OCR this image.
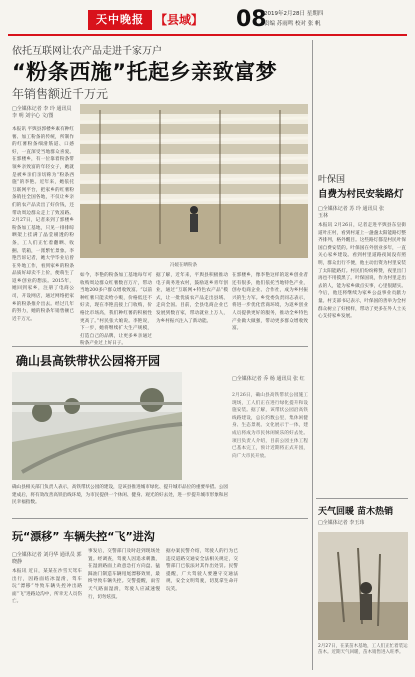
天中晚报 【县域】 08
2019年2月28日 星期四
责编 苏雨鸣 校对 张 帆
依托互联网让农产品走进千家万户
“粉条西施”托起乡亲致富梦
年销售额近千万元
□全媒体记者 李 玲 通讯员 李 明 刘宇心 文/图
本报讯 平舆县郭楼乡素有种红薯、加工粉条的传统，所制作的红薯粉条细滑筋道、口感好，一直深受当地群众喜爱。在郭楼乡，有一位靠着粉条带领乡亲致富的年轻女子，她就是被乡亲们亲切称为“粉条西施”的李艳。近年来，她依托互联网平台，把家乡的红薯粉条销往全国各地，不仅让乡亲们的农产品卖出了好价钱，还带动周边群众走上了致富路。2月27日，记者来到了郭楼乡粉条加工基地，只见一排排晾晒架上挂满了晶莹剔透的粉条，工人们正忙着翻晒、收捆、装箱，一派繁忙景象。李艳告诉记者，她大学毕业后曾在外地工作，看到家乡的粉条品质好却卖不上价，便萌生了返乡创业的想法。2015年，她回到家乡，注册了电商公司，开设网店，通过网络把家乡的粉条推介出去。经过几年的努力，她的粉条年销售额已近千万元。
冯媛在晒粉条
如今，李艳的粉条加工基地每年可收购周边群众红薯数百万斤，带动当地200多户群众增收致富。“以前种红薯只能卖给小贩，价格低还不好卖，现在李艳直接上门收购，价格比市场高，我们种红薯的积极性更高了。”村民张大娘说。李艳说，下一步，她将继续扩大生产规模，打造自己的品牌，让更多乡亲通过粉条产业过上好日子。
据了解，近年来，平舆县积极推动电子商务进农村，鼓励返乡青年创业，通过“互联网+特色农产品”模式，让一批优质农产品走出县域、走向全国。目前，全县电商企业已发展到数百家，带动就业上万人，为乡村振兴注入了新动能。
在郭楼乡，像李艳这样的返乡创业者还有很多，他们依托当地特色产业，创办电商企业、合作社，成为乡村振兴的生力军。乡党委负责同志表示，将进一步优化营商环境，为返乡创业人员提供更好的服务，推动全乡特色产业做大做强，带动更多群众增收致富。
确山县高铁带状公园将开园
□全媒体记者 乔 杨 通讯员 张 红
2月26日，确山县高铁带状公园施工现场，工人们正在进行绿化提升和设施安装。据了解，该带状公园沿高铁线路建设，总长约数公里，集休闲健身、生态景观、文化展示于一体，建成后将成为市民休闲娱乐的好去处。项目负责人介绍，目前公园主体工程已基本完工，预计近期将正式开园，向广大市民开放。
确山县相关部门负责人表示，高铁带状公园的建设，是该县推进城市绿化、提升城市品位的重要举措。公园建成后，将有效改善高铁沿线环境，为市民提供一个休闲、健身、观光的好去处，进一步提升城市形象和居民幸福指数。
玩“漂移” 车辆失控“飞”进沟
□全媒体记者 刘丹华 通讯员 郭晓静
本报讯 近日，某某在沙雪天驾车出行，因路面结冰湿滑，驾车玩“漂移”导致车辆失控冲出路面“飞”进路边沟中，所幸无人员伤亡。
事发后，交警部门及时赶到现场处置。经调查，驾驶人因追求刺激，在湿滑路面上故意急打方向盘、猛踩油门制造车辆甩尾漂移效果，最终导致车辆失控。交警提醒，雨雪天气路面湿滑，驾驶人应减速慢行，切勿炫技。
据办案民警介绍，驾驶人的行为已违反道路交通安全法相关规定，交警部门已依法对其作出处罚。民警提醒，广大驾驶人要遵守交通法规，安全文明驾驶，切莫拿生命开玩笑。
叶保国
自费为村民安装路灯
□全媒体记者 苏 玲 通讯员 张玉林
本报讯 2月26日，记者走进平舆县东皇街道叶庄村，看到村道上一盏盏太阳能路灯整齐排列，格外醒目。这些路灯都是村民叶保国自费安装的。叶保国在外创业多年，一直关心家乡建设。看到村里道路夜间没有照明，群众出行不便，他主动出资为村里安装了太阳能路灯。村民们纷纷称赞，夜里出门再也不用摸黑了。叶保国说，作为村里走出去的人，能为家乡做点实事，心里很踏实。今后，他还将继续为家乡公益事业贡献力量。村支部书记表示，叶保国的善举为全村群众树立了好榜样，带动了更多在外人士关心支持家乡发展。
天气回暖 苗木热销
□全媒体记者 李玉玮
2月27日，在某苗木基地，工人们正忙着装运苗木。近期天气回暖，苗木销售进入旺季。
